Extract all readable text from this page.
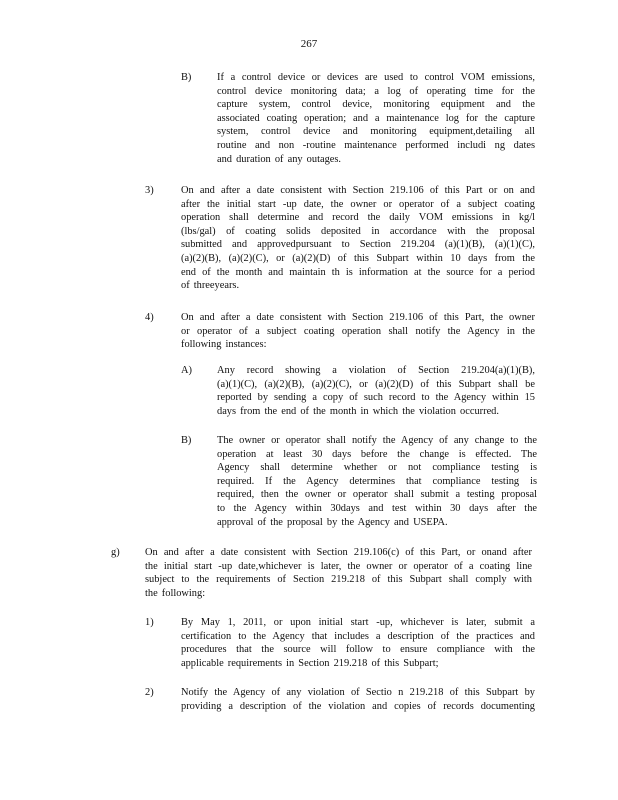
267
B) If a control device or devices are used to control VOM emissions,
control device monitoring data; a log of operating time for the
capture system, control device, monitoring equipment and the
associated coating operation; and a maintenance log for the capture
system, control device and monitoring equipment,detailing all
routine and non -routine maintenance performed includi ng dates
and duration of any outages.
3)	On and after a date consistent with Section 219.106 of this Part or on and
after the initial start -up date, the owner or operator of a subject coating
operation shall determine and record the daily VOM emissions in kg/l
(lbs/gal) of coating solids deposited in accordance with the proposal
submitted and approvedpursuant to Section 219.204 (a)(1)(B), (a)(1)(C),
(a)(2)(B), (a)(2)(C), or (a)(2)(D) of this Subpart within 10 days from the
end of the month and maintain th is information at the source for a period
of threeyears.
4)	On and after a date consistent with Section 219.106 of this Part, the owner
or operator of a subject coating operation shall notify the Agency in the
following instances:
A) Any record showing a violation of Section 219.204(a)(1)(B),
(a)(1)(C), (a)(2)(B), (a)(2)(C), or (a)(2)(D) of this Subpart shall be
reported by sending a copy of such record to the Agency within 15
days from the end of the month in which the violation occurred.
B) The owner or operator shall notify the Agency of any change to the
operation at least 30 days before the change is effected. The
Agency shall determine whether or not compliance testing is
required. If the Agency determines that compliance testing is
required, then the owner or operator shall submit a testing proposal
to the Agency within 30days and test within 30 days after the
approval of the proposal by the Agency and USEPA.
g) On and after a date consistent with Section 219.106(c) of this Part, or onand after
the initial start -up date,whichever is later, the owner or operator of a coating line
subject to the requirements of Section 219.218 of this Subpart shall comply with
the following:
1)	By May 1, 2011, or upon initial start -up, whichever is later, submit a
certification to the Agency that includes a description of the practices and
procedures that the source will follow to ensure compliance with the
applicable requirements in Section 219.218 of this Subpart;
2)	Notify the Agency of any violation of Sectio n 219.218 of this Subpart by
providing a description of the violation and copies of records documenting
